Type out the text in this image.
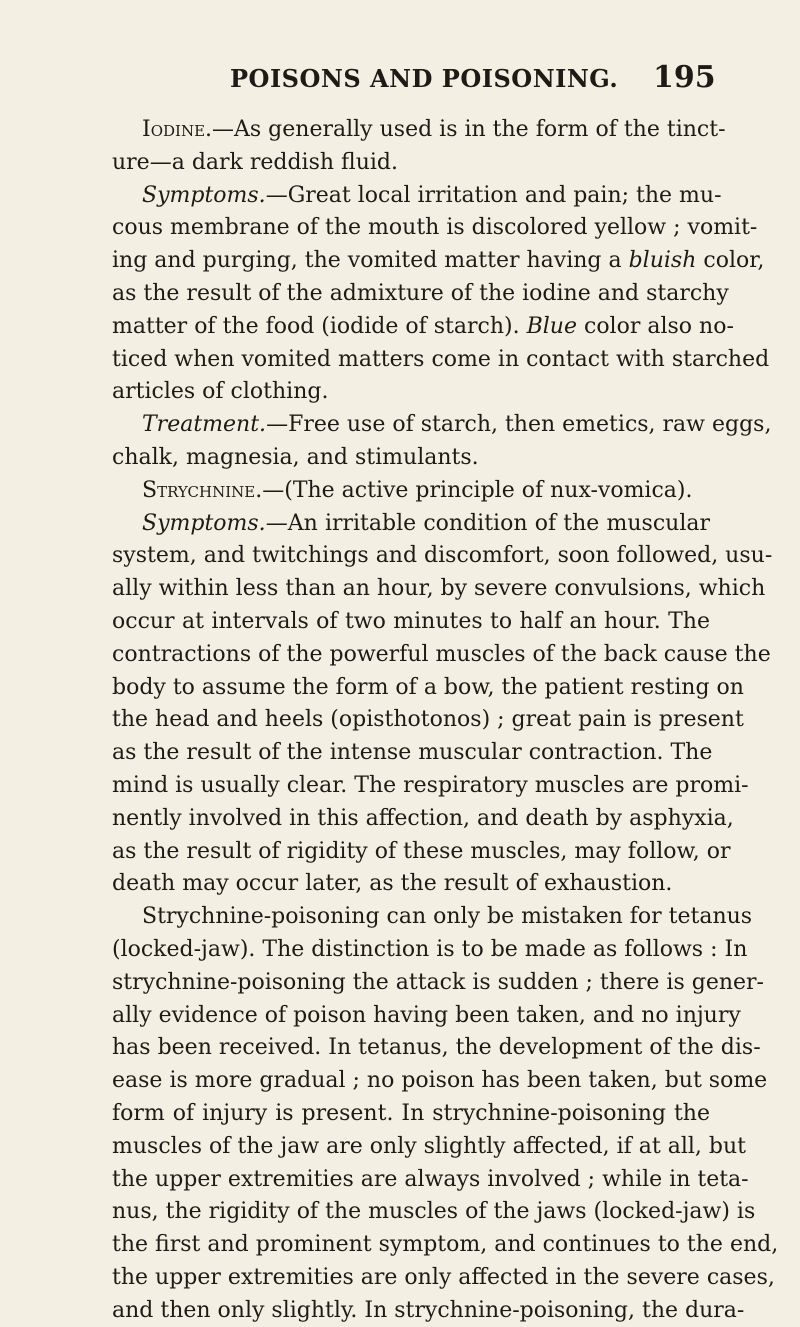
POISONS AND POISONING. 195
Iodine.—As generally used is in the form of the tinct-
ure—a dark reddish fluid.
Symptoms.—Great local irritation and pain; the mu-
cous membrane of the mouth is discolored yellow ; vomit-
ing and purging, the vomited matter having a bluish color,
as the result of the admixture of the iodine and starchy
matter of the food (iodide of starch). Blue color also no-
ticed when vomited matters come in contact with starched
articles of clothing.
Treatment.—Free use of starch, then emetics, raw eggs,
chalk, magnesia, and stimulants.
Strychnine.—(The active principle of nux-vomica).
Symptoms.—An irritable condition of the muscular
system, and twitchings and discomfort, soon followed, usu-
ally within less than an hour, by severe convulsions, which
occur at intervals of two minutes to half an hour. The
contractions of the powerful muscles of the back cause the
body to assume the form of a bow, the patient resting on
the head and heels (opisthotonos) ; great pain is present
as the result of the intense muscular contraction. The
mind is usually clear. The respiratory muscles are promi-
nently involved in this affection, and death by asphyxia,
as the result of rigidity of these muscles, may follow, or
death may occur later, as the result of exhaustion.
Strychnine-poisoning can only be mistaken for tetanus
(locked-jaw). The distinction is to be made as follows : In
strychnine-poisoning the attack is sudden ; there is gener-
ally evidence of poison having been taken, and no injury
has been received. In tetanus, the development of the dis-
ease is more gradual ; no poison has been taken, but some
form of injury is present. In strychnine-poisoning the
muscles of the jaw are only slightly affected, if at all, but
the upper extremities are always involved ; while in teta-
nus, the rigidity of the muscles of the jaws (locked-jaw) is
the first and prominent symptom, and continues to the end,
the upper extremities are only affected in the severe cases,
and then only slightly. In strychnine-poisoning, the dura-
